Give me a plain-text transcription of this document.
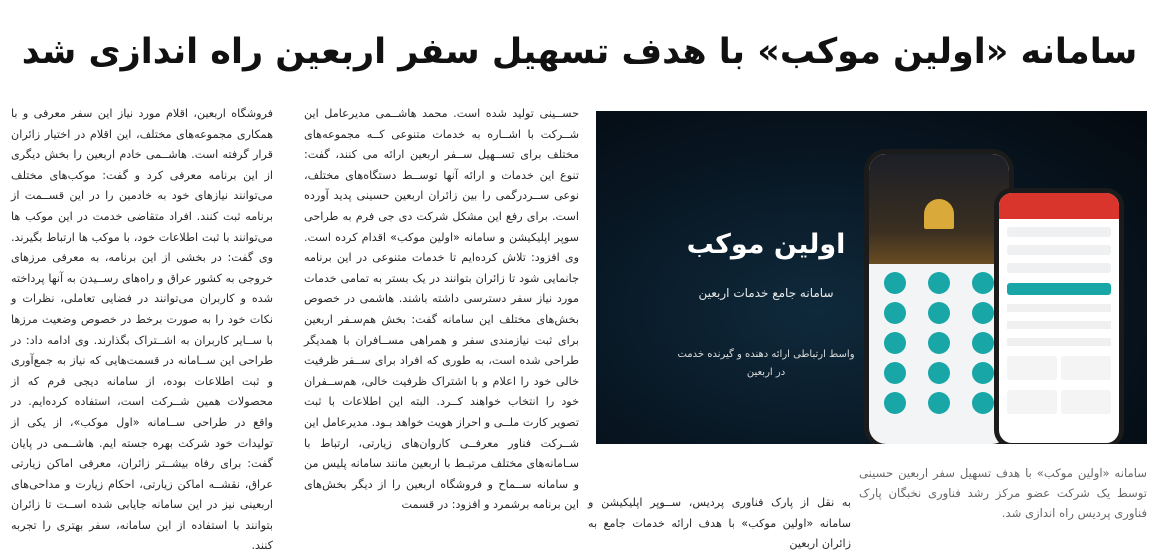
سامانه «اولین موکب» با هدف تسهیل سفر اربعین راه اندازی شد

فروشگاه اربعین، اقلام مورد نیاز این سفر معرفی و با همکاری مجموعه‌های مختلف، این اقلام در اختیار زائران قرار گرفته است. هاشــمی خادم اربعین را بخش دیگری از این برنامه معرفی کرد و گفت: موکب‌های مختلف می‌توانند نیازهای خود به خادمین را در این قســمت از برنامه ثبت کنند. افراد متقاضی خدمت در این موکب ها می‌توانند با ثبت اطلاعات خود، با موکب ها ارتباط بگیرند. وی گفت: در بخشی از این برنامه، به معرفی مرزهای خروجی به کشور عراق و راه‌های رســیدن به آنها پرداخته شده و کاربران می‌توانند در فضایی تعاملی، نظرات و نکات خود را به صورت برخط در خصوص وضعیت مرزها با ســایر کاربران به اشــتراک بگذارند. وی ادامه داد: در طراحی این ســامانه در قسمت‌هایی که نیاز به جمع‌آوری و ثبت اطلاعات بوده، از سامانه دیجی فرم که از محصولات همین شــرکت است، استفاده کرده‌ایم. در واقع در طراحی ســامانه «اول موکب»، از یکی از تولیدات خود شرکت بهره جسته ایم. هاشــمی در پایان گفت: برای رفاه بیشــتر زائران، معرفی اماکن زیارتی عراق، نقشــه اماکن زیارتی، احکام زیارت و مداحی‌های اربعینی نیز در این سامانه جایابی شده اســت تا زائران بتوانند با استفاده از این سامانه، سفر بهتری را تجربه کنند.

حســینی تولید شده است. محمد هاشــمی مدیرعامل این شــرکت با اشــاره به خدمات متنوعی کــه مجموعه‌های مختلف برای تســهیل ســفر اربعین ارائه می کنند، گفت: تنوع این خدمات و ارائه آنها توســط دستگاه‌های مختلف، نوعی ســردرگمی را بین زائران اربعین حسینی پدید آورده است. برای رفع این مشکل شرکت دی جی فرم به طراحی سوپر اپلیکیشن و سامانه «اولین موکب» اقدام کرده است. وی افزود: تلاش کرده‌ایم تا خدمات متنوعی در این برنامه جانمایی شود تا زائران بتوانند در یک بستر به تمامی خدمات مورد نیاز سفر دسترسی داشته باشند. هاشمی در خصوص بخش‌های مختلف این سامانه گفت: بخش هم‌سـفر اربعین برای ثبت نیازمندی سفر و همراهی مســافران با همدیگر طراحی شده است، به طوری که افراد برای ســفر ظرفیت خالی خود را اعلام و با اشتراک ظرفیت خالی، هم‌ســفران خود را انتخاب خواهند کــرد. البته این اطلاعات با ثبت تصویر کارت ملــی و احراز هویت خواهد بـود. مدیرعامل این شــرکت فناور معرفــی کاروان‌های زیارتی، ارتباط با سـامانه‌های مختلف مرتبـط با اربعین مانند سامانه پلیس من و سامانه ســماح و فروشگاه اربعین را از دیگر بخش‌های این برنامه برشمرد و افزود: در قسمت

اولین موکب
سامانه جامع خدمات اربعین
واسط ارتباطی ارائه دهنده و گیرنده خدمت
در اربعین
سامانه «اولین موکب» با هدف تسهیل سفر اربعین حسینی توسط یک شرکت عضو مرکز رشد فناوری نخبگان پارک فناوری پردیس راه اندازی شد.
به نقل از پارک فناوری پردیس، ســوپر اپلیکیشن و سامانه «اولین موکب» با هدف ارائه خدمات جامع به زائران اربعین
